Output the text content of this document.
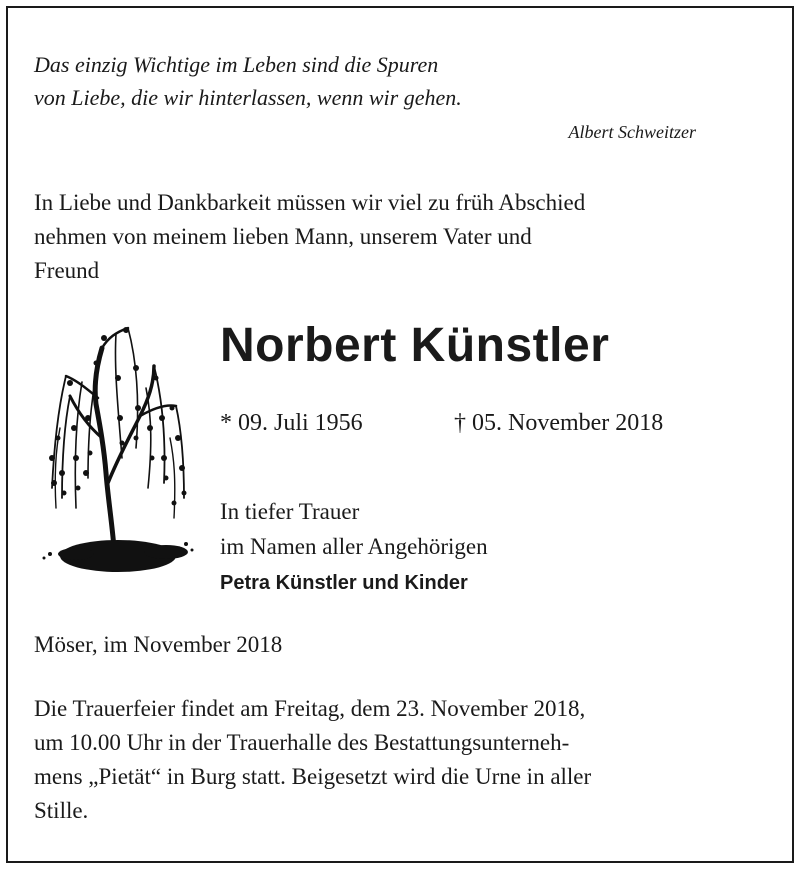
Das einzig Wichtige im Leben sind die Spuren
von Liebe, die wir hinterlassen, wenn wir gehen.
Albert Schweitzer
In Liebe und Dankbarkeit müssen wir viel zu früh Abschied
nehmen von meinem lieben Mann, unserem Vater und
Freund
Norbert Künstler
* 09. Juli 1956	† 05. November 2018
In tiefer Trauer
im Namen aller Angehörigen
Petra Künstler und Kinder
Möser, im November 2018
Die Trauerfeier findet am Freitag, dem 23. November 2018,
um 10.00 Uhr in der Trauerhalle des Bestattungsunterneh-
mens „Pietät“ in Burg statt. Beigesetzt wird die Urne in aller
Stille.
